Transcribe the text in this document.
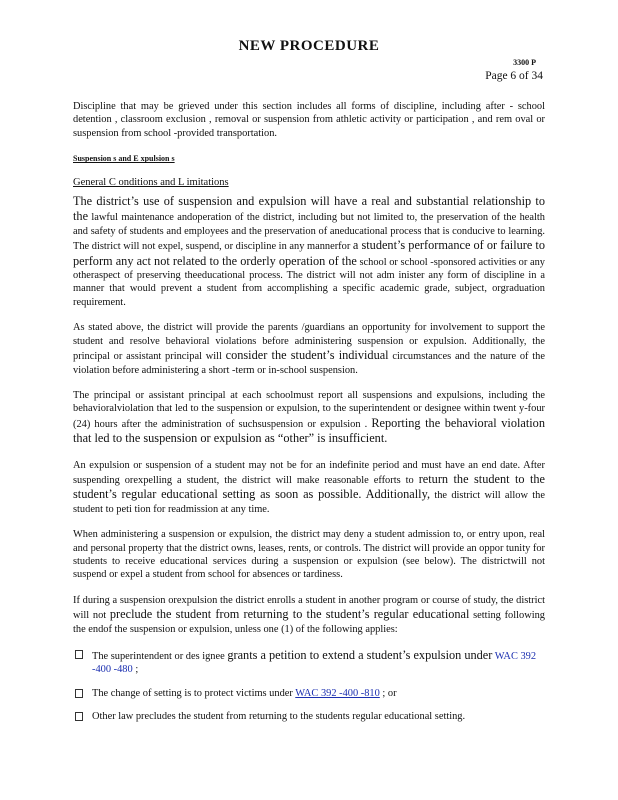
NEW PROCEDURE
3300 P
Page 6 of 34

Discipline that may be grieved under this section includes all forms of discipline, including after - school detention , classroom exclusion , removal or suspension from athletic activity or participation , and rem oval or suspension from school -provided transportation.

Suspension s and E xpulsion s
General C onditions and L imitations

The district’s use of suspension and expulsion will have a real and substantial relationship to the lawful maintenance andoperation of the district, including but not limited to, the preservation of the health and safety of students and employees and the preservation of aneducational process that is conducive to learning. The district will not expel, suspend, or discipline in any mannerfor a student’s performance of or failure to perform any act not related to the orderly operation of the school or school -sponsored activities or any otheraspect of preserving theeducational process. The district will not adm inister any form of discipline in a manner that would prevent a student from accomplishing a specific academic grade, subject, orgraduation requirement.

As stated above, the district will provide the parents /guardians an opportunity for involvement to support the student and resolve behavioral violations before administering suspension or expulsion. Additionally, the principal or assistant principal will consider the student’s individual circumstances and the nature of the violation before administering a short -term or in-school suspension.

The principal or assistant principal at each schoolmust report all suspensions and expulsions, including the behavioralviolation that led to the suspension or expulsion, to the superintendent or designee within twent y-four (24) hours after the administration of suchsuspension or expulsion . Reporting the behavioral violation that led to the suspension or expulsion as “other” is insufficient.

An expulsion or suspension of a student may not be for an indefinite period and must have an end date. After suspending orexpelling a student, the district will make reasonable efforts to return the student to the student’s regular educational setting as soon as possible. Additionally, the district will allow the student to peti tion for readmission at any time.

When administering a suspension or expulsion, the district may deny a student admission to, or entry upon, real and personal property that the district owns, leases, rents, or controls. The district will provide an oppor tunity for students to receive educational services during a suspension or expulsion (see below). The districtwill not suspend or expel a student from school for absences or tardiness.

If during a suspension orexpulsion the district enrolls a student in another program or course of study, the district will not preclude the student from returning to the student’s regular educational setting following the endof the suspension or expulsion, unless one (1) of the following applies:

The superintendent or des ignee grants a petition to extend a student’s expulsion under WAC 392 -400 -480 ;
The change of setting is to protect victims under WAC 392 -400 -810 ; or
Other law precludes the student from returning to the students regular educational setting.
